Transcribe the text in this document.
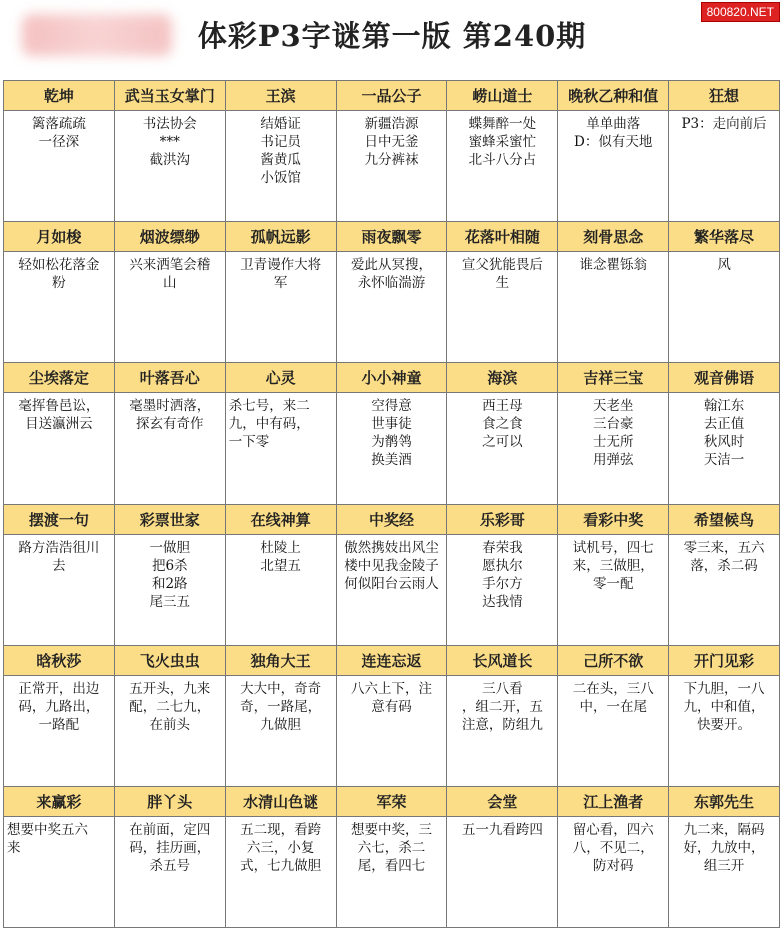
体彩P3字谜第一版 第240期
800820.NET
乾坤
篱落疏疏
一径深
武当玉女掌门
书法协会
***
截洪沟
王滨
结婚证
书记员
酱黄瓜
小饭馆
一品公子
新疆浩源
日中无釜
九分裤袜
崂山道士
蝶舞醉一处
蜜蜂采蜜忙
北斗八分占
晚秋乙种和值
单单曲落
D：似有天地
狂想
P3：走向前后
月如梭
轻如松花落金
粉
烟波缥缈
兴来洒笔会稽
山
孤帆远影
卫青谩作大将
军
雨夜飘零
爱此从冥搜，
永怀临湍游
花落叶相随
宣父犹能畏后
生
刻骨思念
谁念瞿铄翁
繁华落尽
风
尘埃落定
毫挥鲁邑讼，
目送瀛洲云
叶落吾心
毫墨时洒落，
探玄有奇作
心灵
杀七号，来二
九，中有码，
一下零
小小神童
空得意
世事徒
为鹡鸰
换美酒
海滨
西王母
食之食
之可以
吉祥三宝
天老坐
三台豪
士无所
用弹弦
观音佛语
翰江东
去正值
秋风时
天洁一
摆渡一句
路方浩浩徂川
去
彩票世家
一做胆
把6杀
和2路
尾三五
在线神算
杜陵上
北望五
中奖经
傲然携妓出风尘
楼中见我金陵子
何似阳台云雨人
乐彩哥
春荣我
愿执尔
手尔方
达我情
看彩中奖
试机号，四七
来，三做胆，
零一配
希望候鸟
零三来，五六
落，杀二码
晗秋莎
正常开，出边
码，九路出，
一路配
飞火虫虫
五开头，九来
配，二七九，
在前头
独角大王
大大中，奇奇
奇，一路尾，
九做胆
连连忘返
八六上下，注
意有码
长风道长
三八看
，组二开，五
注意，防组九
己所不欲
二在头，三八
中，一在尾
开门见彩
下九胆，一八
九，中和值，
快要开。
来赢彩
想要中奖五六
来
胖丫头
在前面，定四
码，挂历画，
杀五号
水清山色谜
五二现，看跨
六三，小复
式，七九做胆
军荣
想要中奖，三
六七，杀二
尾，看四七
会堂
五一九看跨四
江上渔者
留心看，四六
八，不见二，
防对码
东郭先生
九二来，隔码
好，九放中，
组三开
